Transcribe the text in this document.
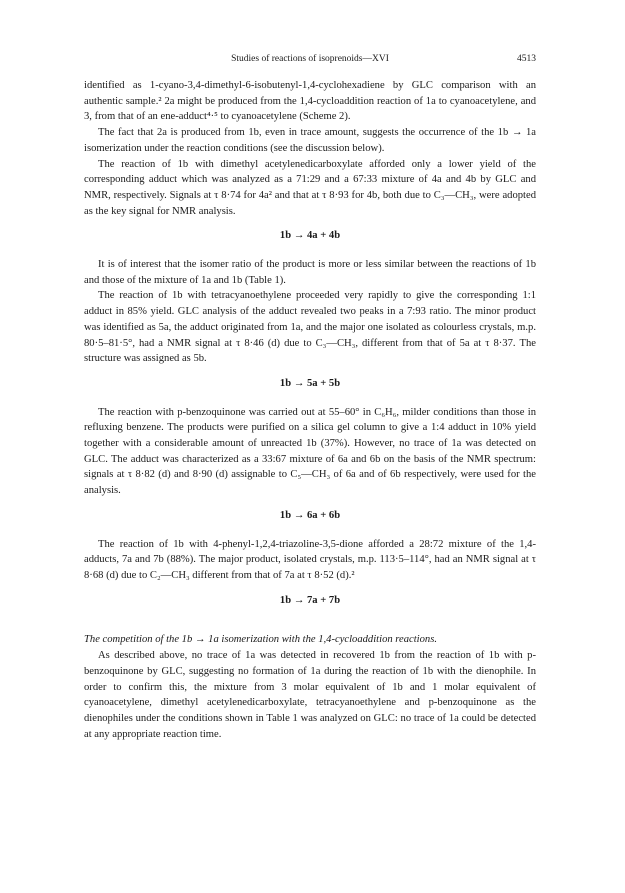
Studies of reactions of isoprenoids—XVI	4513

identified as 1-cyano-3,4-dimethyl-6-isobutenyl-1,4-cyclohexadiene by GLC comparison with an authentic sample.² 2a might be produced from the 1,4-cycloaddition reaction of 1a to cyanoacetylene, and 3, from that of an ene-adduct⁴·⁵ to cyanoacetylene (Scheme 2).

The fact that 2a is produced from 1b, even in trace amount, suggests the occurrence of the 1b → 1a isomerization under the reaction conditions (see the discussion below).

The reaction of 1b with dimethyl acetylenedicarboxylate afforded only a lower yield of the corresponding adduct which was analyzed as a 71:29 and a 67:33 mixture of 4a and 4b by GLC and NMR, respectively. Signals at τ 8·74 for 4a² and that at τ 8·93 for 4b, both due to C₃—CH₃, were adopted as the key signal for NMR analysis.

1b → 4a + 4b

It is of interest that the isomer ratio of the product is more or less similar between the reactions of 1b and those of the mixture of 1a and 1b (Table 1).

The reaction of 1b with tetracyanoethylene proceeded very rapidly to give the corresponding 1:1 adduct in 85% yield. GLC analysis of the adduct revealed two peaks in a 7:93 ratio. The minor product was identified as 5a, the adduct originated from 1a, and the major one isolated as colourless crystals, m.p. 80·5–81·5°, had a NMR signal at τ 8·46 (d) due to C₃—CH₃, different from that of 5a at τ 8·37. The structure was assigned as 5b.

1b → 5a + 5b

The reaction with p-benzoquinone was carried out at 55–60° in C₆H₆, milder conditions than those in refluxing benzene. The products were purified on a silica gel column to give a 1:4 adduct in 10% yield together with a considerable amount of unreacted 1b (37%). However, no trace of 1a was detected on GLC. The adduct was characterized as a 33:67 mixture of 6a and 6b on the basis of the NMR spectrum: signals at τ 8·82 (d) and 8·90 (d) assignable to C₅—CH₃ of 6a and of 6b respectively, were used for the analysis.

1b → 6a + 6b

The reaction of 1b with 4-phenyl-1,2,4-triazoline-3,5-dione afforded a 28:72 mixture of the 1,4-adducts, 7a and 7b (88%). The major product, isolated crystals, m.p. 113·5–114°, had an NMR signal at τ 8·68 (d) due to C₂—CH₃ different from that of 7a at τ 8·52 (d).²

1b → 7a + 7b

The competition of the 1b → 1a isomerization with the 1,4-cycloaddition reactions.

As described above, no trace of 1a was detected in recovered 1b from the reaction of 1b with p-benzoquinone by GLC, suggesting no formation of 1a during the reaction of 1b with the dienophile. In order to confirm this, the mixture from 3 molar equivalent of 1b and 1 molar equivalent of cyanoacetylene, dimethyl acetylenedicarboxylate, tetracyanoethylene and p-benzoquinone as the dienophiles under the conditions shown in Table 1 was analyzed on GLC: no trace of 1a could be detected at any appropriate reaction time.
